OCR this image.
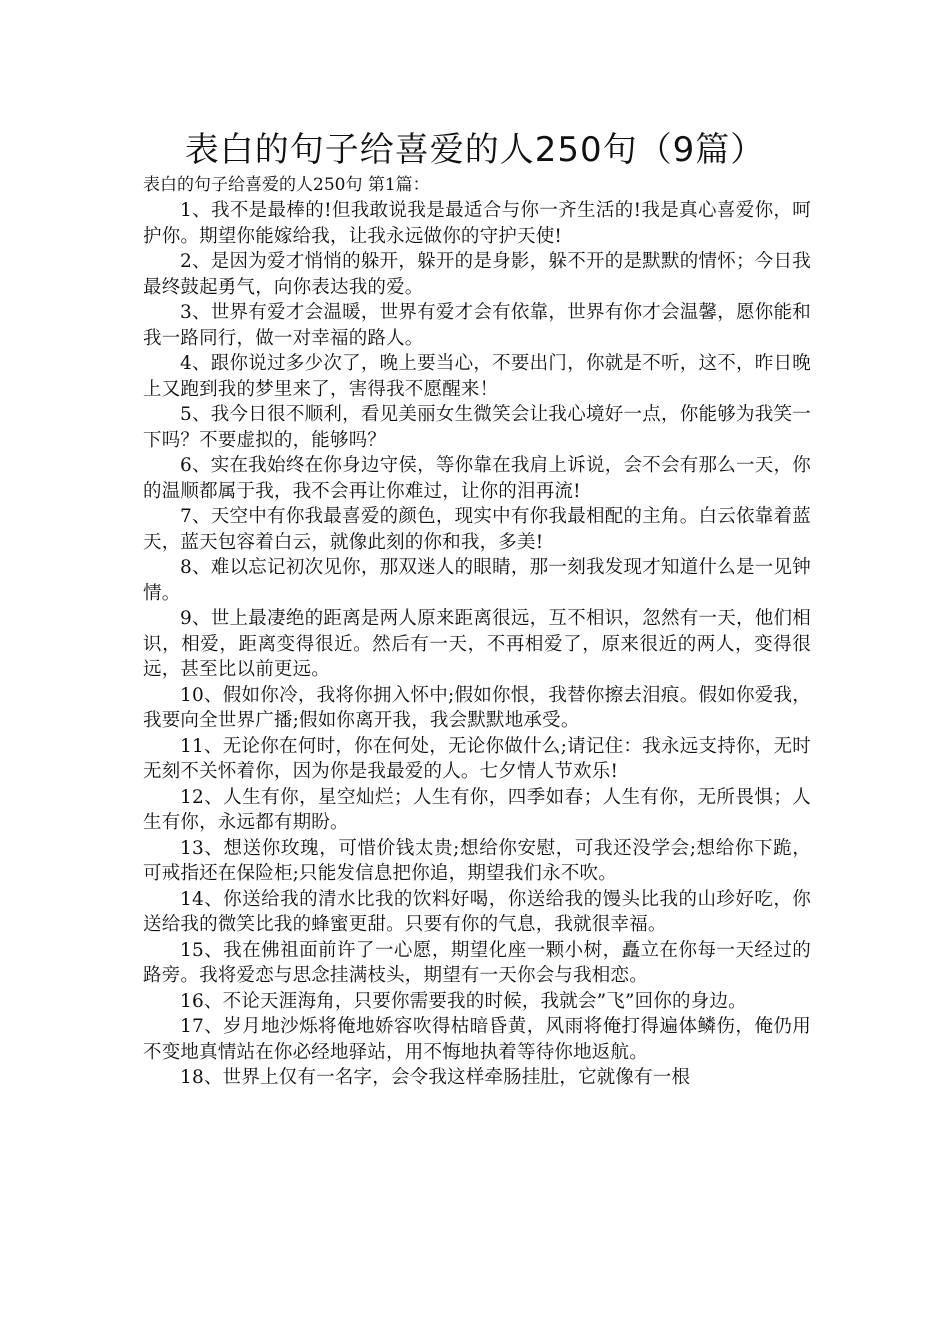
表白的句子给喜爱的人250句（9篇）

表白的句子给喜爱的人250句 第1篇：

1、我不是最棒的!但我敢说我是最适合与你一齐生活的!我是真心喜爱你，呵护你。期望你能嫁给我，让我永远做你的守护天使!

2、是因为爱才悄悄的躲开，躲开的是身影，躲不开的是默默的情怀；今日我最终鼓起勇气，向你表达我的爱。

3、世界有爱才会温暖，世界有爱才会有依靠，世界有你才会温馨，愿你能和我一路同行，做一对幸福的路人。

4、跟你说过多少次了，晚上要当心，不要出门，你就是不听，这不，昨日晚上又跑到我的梦里来了，害得我不愿醒来！

5、我今日很不顺利，看见美丽女生微笑会让我心境好一点，你能够为我笑一下吗？不要虚拟的，能够吗？

6、实在我始终在你身边守侯，等你靠在我肩上诉说，会不会有那么一天，你的温顺都属于我，我不会再让你难过，让你的泪再流!

7、天空中有你我最喜爱的颜色，现实中有你我最相配的主角。白云依靠着蓝天，蓝天包容着白云，就像此刻的你和我，多美!

8、难以忘记初次见你，那双迷人的眼睛，那一刻我发现才知道什么是一见钟情。

9、世上最凄绝的距离是两人原来距离很远，互不相识，忽然有一天，他们相识，相爱，距离变得很近。然后有一天，不再相爱了，原来很近的两人，变得很远，甚至比以前更远。

10、假如你冷，我将你拥入怀中;假如你恨，我替你擦去泪痕。假如你爱我，我要向全世界广播;假如你离开我，我会默默地承受。

11、无论你在何时，你在何处，无论你做什么;请记住：我永远支持你，无时无刻不关怀着你，因为你是我最爱的人。七夕情人节欢乐!

12、人生有你，星空灿烂；人生有你，四季如春；人生有你，无所畏惧；人生有你，永远都有期盼。

13、想送你玫瑰，可惜价钱太贵;想给你安慰，可我还没学会;想给你下跪，可戒指还在保险柜;只能发信息把你追，期望我们永不吹。

14、你送给我的清水比我的饮料好喝，你送给我的馒头比我的山珍好吃，你送给我的微笑比我的蜂蜜更甜。只要有你的气息，我就很幸福。

15、我在佛祖面前许了一心愿，期望化座一颗小树，矗立在你每一天经过的路旁。我将爱恋与思念挂满枝头，期望有一天你会与我相恋。

16、不论天涯海角，只要你需要我的时候，我就会”飞”回你的身边。

17、岁月地沙烁将俺地娇容吹得枯暗昏黄，风雨将俺打得遍体鳞伤，俺仍用不变地真情站在你必经地驿站，用不悔地执着等待你地返航。

18、世界上仅有一名字，会令我这样牵肠挂肚，它就像有一根
